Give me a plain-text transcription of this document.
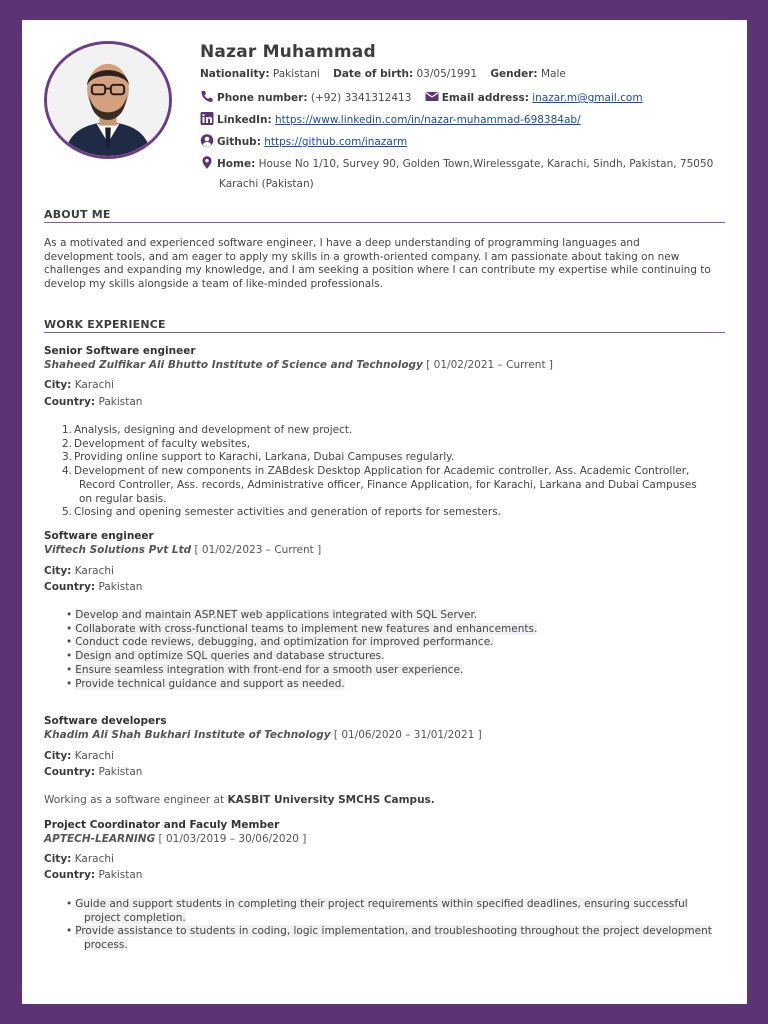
Nazar Muhammad
Nationality: Pakistani Date of birth: 03/05/1991 Gender: Male
Phone number: (+92) 3341312413	Email address: inazar.m@gmail.com
LinkedIn: https://www.linkedin.com/in/nazar-muhammad-698384ab/
Github: https://github.com/inazarm
Home: House No 1/10, Survey 90, Golden Town,Wirelessgate, Karachi, Sindh, Pakistan, 75050
Karachi (Pakistan)
ABOUT ME
As a motivated and experienced software engineer, I have a deep understanding of programming languages and
development tools, and am eager to apply my skills in a growth-oriented company. I am passionate about taking on new
challenges and expanding my knowledge, and I am seeking a position where I can contribute my expertise while continuing to
develop my skills alongside a team of like-minded professionals.
WORK EXPERIENCE
Senior Software engineer
Shaheed Zulfikar Ali Bhutto Institute of Science and Technology [ 01/02/2021 – Current ]
City: Karachi
Country: Pakistan
1. Analysis, designing and development of new project.
2. Development of faculty websites,
3. Providing online support to Karachi, Larkana, Dubai Campuses regularly.
4. Development of new components in ZABdesk Desktop Application for Academic controller, Ass. Academic Controller,
Record Controller, Ass. records, Administrative officer, Finance Application, for Karachi, Larkana and Dubai Campuses
on regular basis.
5. Closing and opening semester activities and generation of reports for semesters.
Software engineer
Viftech Solutions Pvt Ltd [ 01/02/2023 – Current ]
City: Karachi
Country: Pakistan
• Develop and maintain ASP.NET web applications integrated with SQL Server.
• Collaborate with cross-functional teams to implement new features and enhancements.
• Conduct code reviews, debugging, and optimization for improved performance.
• Design and optimize SQL queries and database structures.
• Ensure seamless integration with front-end for a smooth user experience.
• Provide technical guidance and support as needed.
Software developers
Khadim Ali Shah Bukhari Institute of Technology [ 01/06/2020 – 31/01/2021 ]
City: Karachi
Country: Pakistan
Working as a software engineer at KASBIT University SMCHS Campus.
Project Coordinator and Faculy Member
APTECH-LEARNING [ 01/03/2019 – 30/06/2020 ]
City: Karachi
Country: Pakistan
• Guide and support students in completing their project requirements within specified deadlines, ensuring successful
project completion.
• Provide assistance to students in coding, logic implementation, and troubleshooting throughout the project development
process.
